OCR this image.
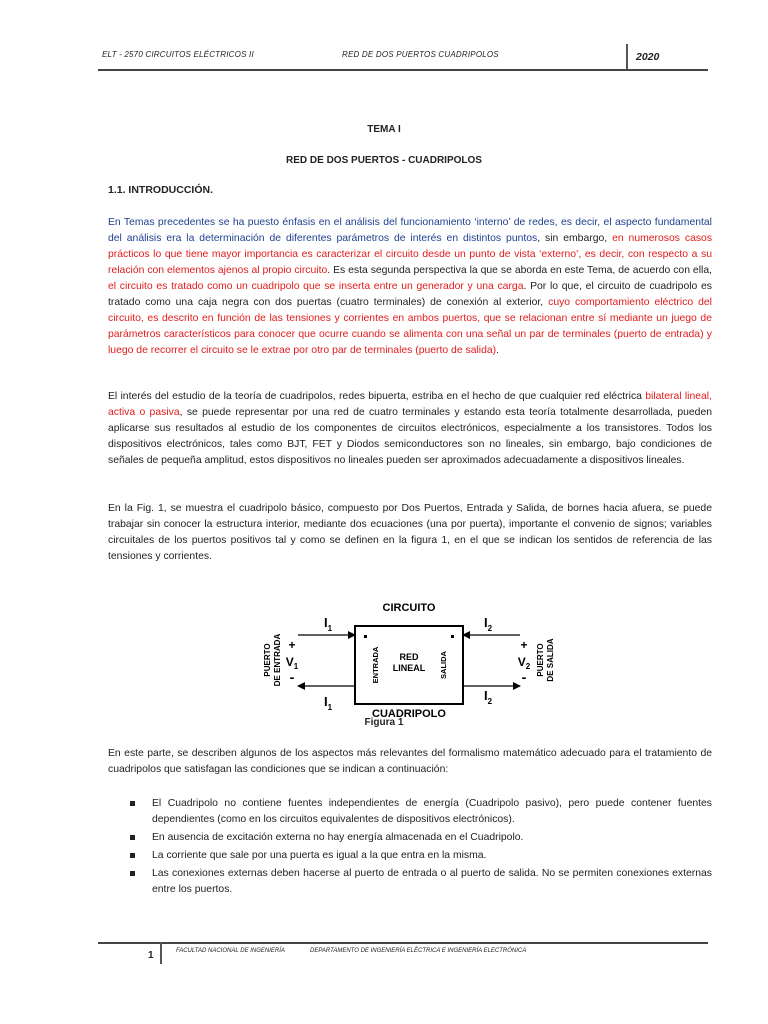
ELT - 2570 CIRCUITOS ELÉCTRICOS II	RED DE DOS PUERTOS CUADRIPOLOS	2020
TEMA I
RED DE DOS PUERTOS - CUADRIPOLOS
1.1. INTRODUCCIÓN.
En Temas precedentes se ha puesto énfasis en el análisis del funcionamiento ‘interno’ de redes, es decir, el aspecto fundamental del análisis era la determinación de diferentes parámetros de interés en distintos puntos, sin embargo, en numerosos casos prácticos lo que tiene mayor importancia es caracterizar el circuito desde un punto de vista ‘externo’, es decir, con respecto a su relación con elementos ajenos al propio circuito. Es esta segunda perspectiva la que se aborda en este Tema, de acuerdo con ella, el circuito es tratado como un cuadripolo que se inserta entre un generador y una carga. Por lo que, el circuito de cuadripolo es tratado como una caja negra con dos puertas (cuatro terminales) de conexión al exterior, cuyo comportamiento eléctrico del circuito, es descrito en función de las tensiones y corrientes en ambos puertos, que se relacionan entre sí mediante un juego de parámetros característicos para conocer que ocurre cuando se alimenta con una señal un par de terminales (puerto de entrada) y luego de recorrer el circuito se le extrae por otro par de terminales (puerto de salida).
El interés del estudio de la teoría de cuadripolos, redes bipuerta, estriba en el hecho de que cualquier red eléctrica bilateral lineal, activa o pasiva, se puede representar por una red de cuatro terminales y estando esta teoría totalmente desarrollada, pueden aplicarse sus resultados al estudio de los componentes de circuitos electrónicos, especialmente a los transistores. Todos los dispositivos electrónicos, tales como BJT, FET y Diodos semiconductores son no lineales, sin embargo, bajo condiciones de señales de pequeña amplitud, estos dispositivos no lineales pueden ser aproximados adecuadamente a dispositivos lineales.
En la Fig. 1, se muestra el cuadripolo básico, compuesto por Dos Puertos, Entrada y Salida, de bornes hacia afuera, se puede trabajar sin conocer la estructura interior, mediante dos ecuaciones (una por puerta), importante el convenio de signos; variables circuitales de los puertos positivos tal y como se definen en la figura 1, en el que se indican los sentidos de referencia de las tensiones y corrientes.
CIRCUITO
CUADRIPOLO
RED
LINEAL
ENTRADA	SALIDA
$I_1$
$I_1$
$I_2$
$I_2$
+
$V_1$
-
+
$V_2$
-
PUERTO DE ENTRADA	PUERTO DE SALIDA
Figura 1
En este parte, se describen algunos de los aspectos más relevantes del formalismo matemático adecuado para el tratamiento de cuadripolos que satisfagan las condiciones que se indican a continuación:
El Cuadripolo no contiene fuentes independientes de energía (Cuadripolo pasivo), pero puede contener fuentes dependientes (como en los circuitos equivalentes de dispositivos electrónicos).
En ausencia de excitación externa no hay energía almacenada en el Cuadripolo.
La corriente que sale por una puerta es igual a la que entra en la misma.
Las conexiones externas deben hacerse al puerto de entrada o al puerto de salida. No se permiten conexiones externas entre los puertos.
1	FACULTAD NACIONAL DE INGENIERÍA	DEPARTAMENTO DE INGENIERÍA ELÉCTRICA E INGENIERÍA ELECTRÓNICA
